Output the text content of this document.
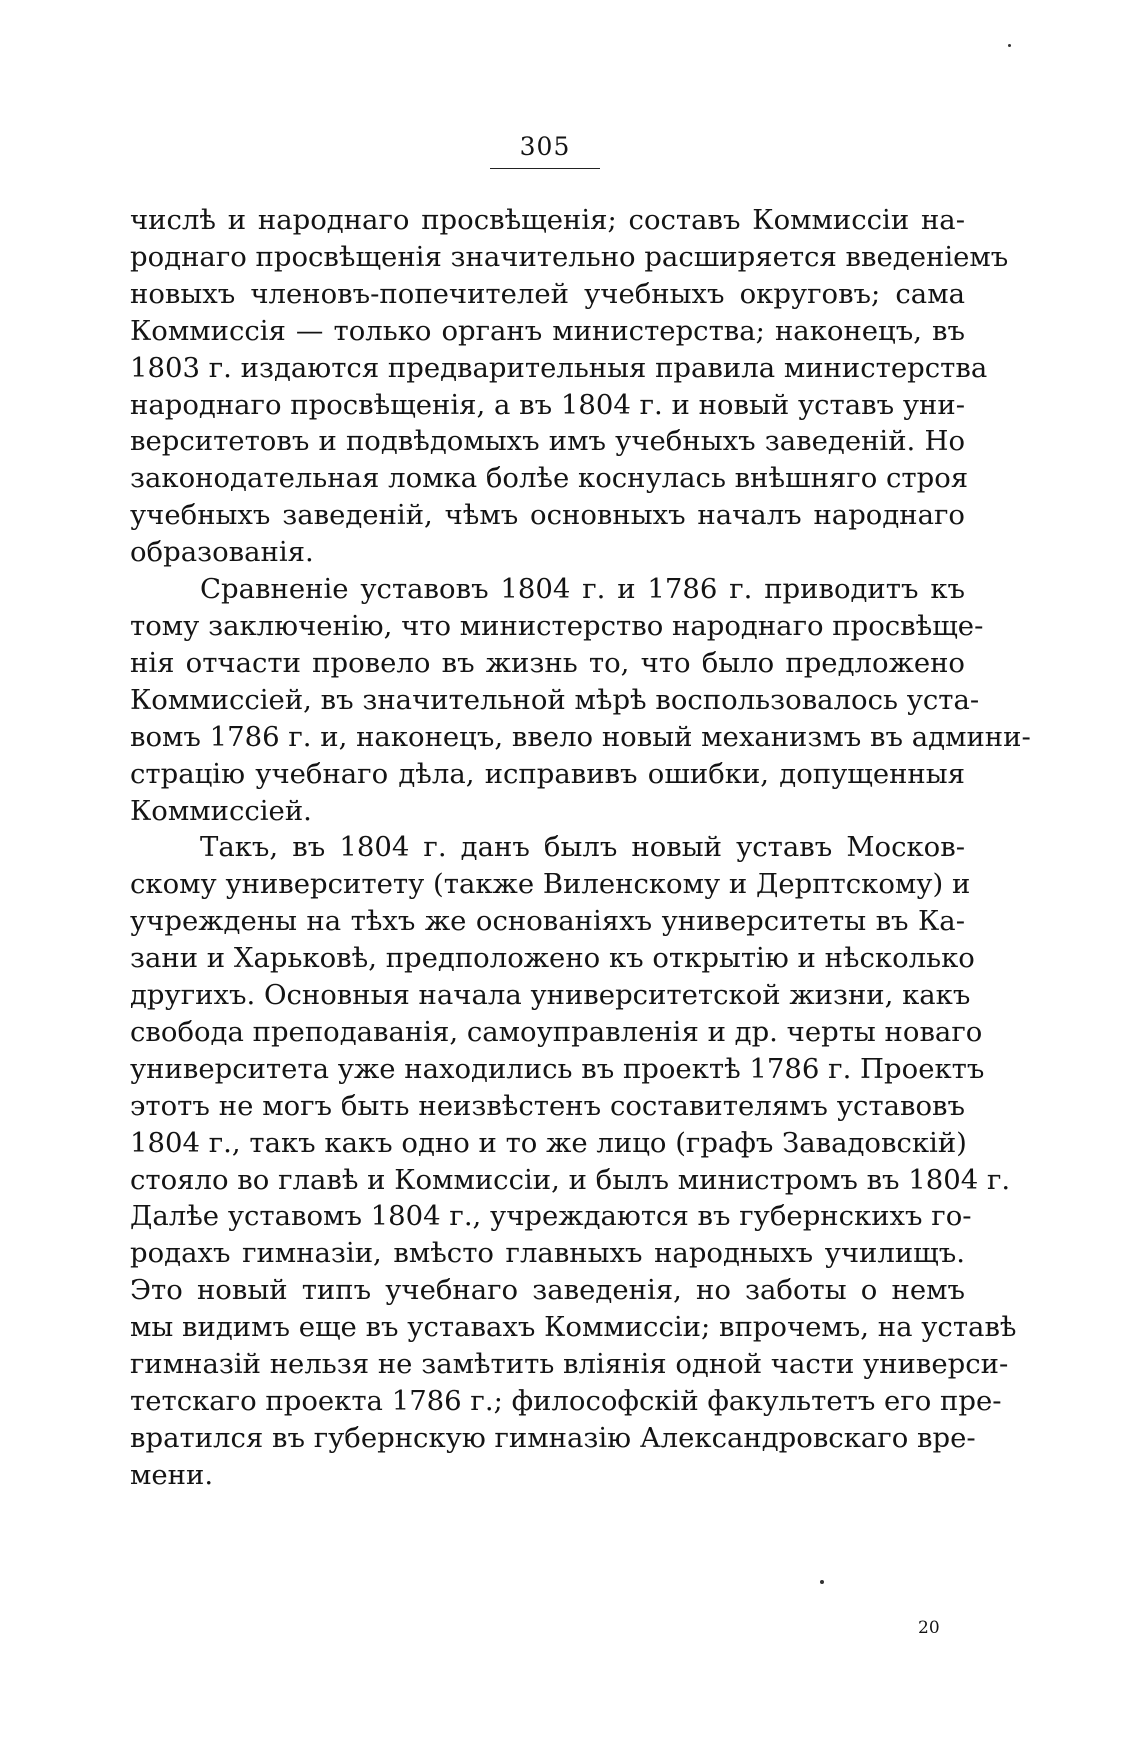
305
числѣ и народнаго просвѣщенія; составъ Коммиссіи на-
роднаго просвѣщенія значительно расширяется введеніемъ
новыхъ членовъ-попечителей учебныхъ округовъ; сама
Коммиссія — только органъ министерства; наконецъ, въ
1803 г. издаются предварительныя правила министерства
народнаго просвѣщенія, а въ 1804 г. и новый уставъ уни-
верситетовъ и подвѣдомыхъ имъ учебныхъ заведеній. Но
законодательная ломка болѣе коснулась внѣшняго строя
учебныхъ заведеній, чѣмъ основныхъ началъ народнаго
образованія.
Сравненіе уставовъ 1804 г. и 1786 г. приводитъ къ
тому заключенію, что министерство народнаго просвѣще-
нія отчасти провело въ жизнь то, что было предложено
Коммиссіей, въ значительной мѣрѣ воспользовалось уста-
вомъ 1786 г. и, наконецъ, ввело новый механизмъ въ админи-
страцію учебнаго дѣла, исправивъ ошибки, допущенныя
Коммиссіей.
Такъ, въ 1804 г. данъ былъ новый уставъ Москов-
скому университету (также Виленскому и Дерптскому) и
учреждены на тѣхъ же основаніяхъ университеты въ Ка-
зани и Харьковѣ, предположено къ открытію и нѣсколько
другихъ. Основныя начала университетской жизни, какъ
свобода преподаванія, самоуправленія и др. черты новаго
университета уже находились въ проектѣ 1786 г. Проектъ
этотъ не могъ быть неизвѣстенъ составителямъ уставовъ
1804 г., такъ какъ одно и то же лицо (графъ Завадовскій)
стояло во главѣ и Коммиссіи, и былъ министромъ въ 1804 г.
Далѣе уставомъ 1804 г., учреждаются въ губернскихъ го-
родахъ гимназіи, вмѣсто главныхъ народныхъ училищъ.
Это новый типъ учебнаго заведенія, но заботы о немъ
мы видимъ еще въ уставахъ Коммиссіи; впрочемъ, на уставѣ
гимназій нельзя не замѣтить вліянія одной части универси-
тетскаго проекта 1786 г.; философскій факультетъ его пре-
вратился въ губернскую гимназію Александровскаго вре-
мени.
20
